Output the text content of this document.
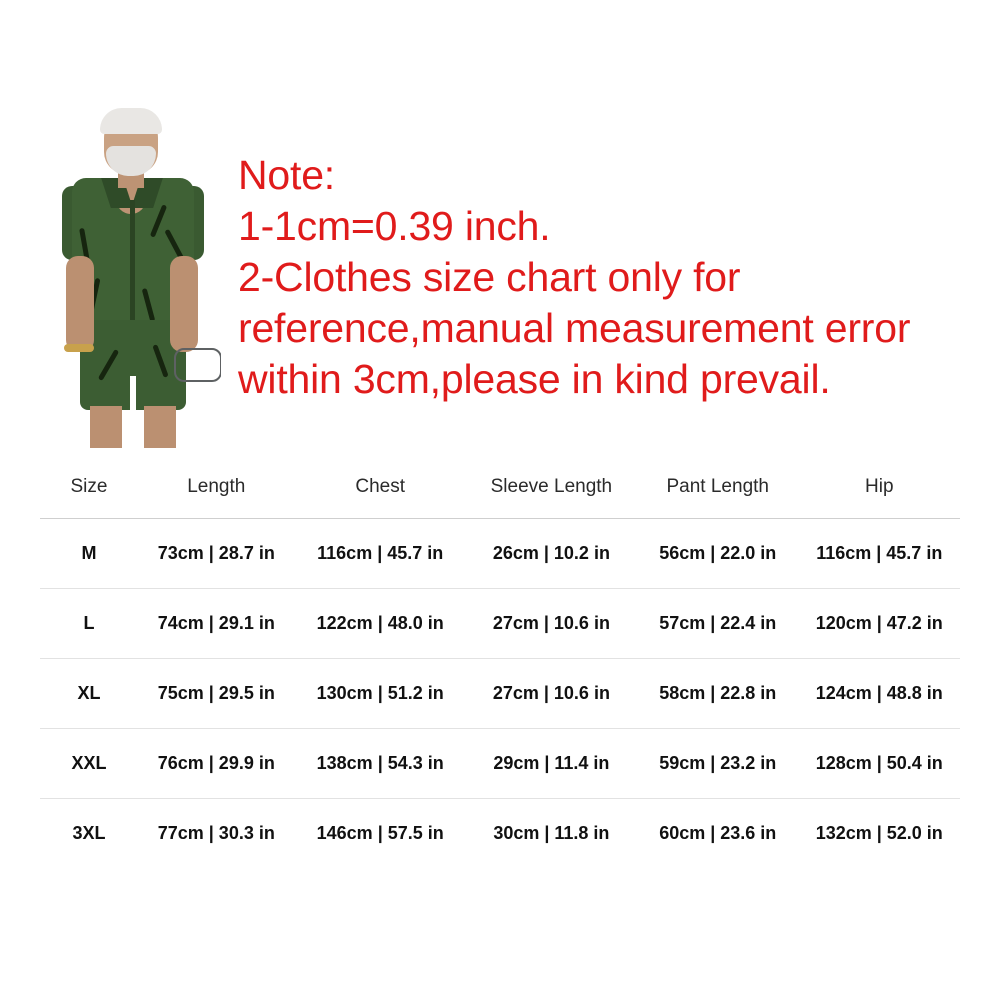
Note:
1-1cm=0.39 inch.
2-Clothes size chart only for
reference,manual measurement error
within 3cm,please in kind prevail.
Size	Length	Chest	Sleeve Length	Pant Length	Hip
M	73cm | 28.7 in	116cm | 45.7 in	26cm | 10.2 in	56cm | 22.0 in	116cm | 45.7 in
L	74cm | 29.1 in	122cm | 48.0 in	27cm | 10.6 in	57cm | 22.4 in	120cm | 47.2 in
XL	75cm | 29.5 in	130cm | 51.2 in	27cm | 10.6 in	58cm | 22.8 in	124cm | 48.8 in
XXL	76cm | 29.9 in	138cm | 54.3 in	29cm | 11.4 in	59cm | 23.2 in	128cm | 50.4 in
3XL	77cm | 30.3 in	146cm | 57.5 in	30cm | 11.8 in	60cm | 23.6 in	132cm | 52.0 in
